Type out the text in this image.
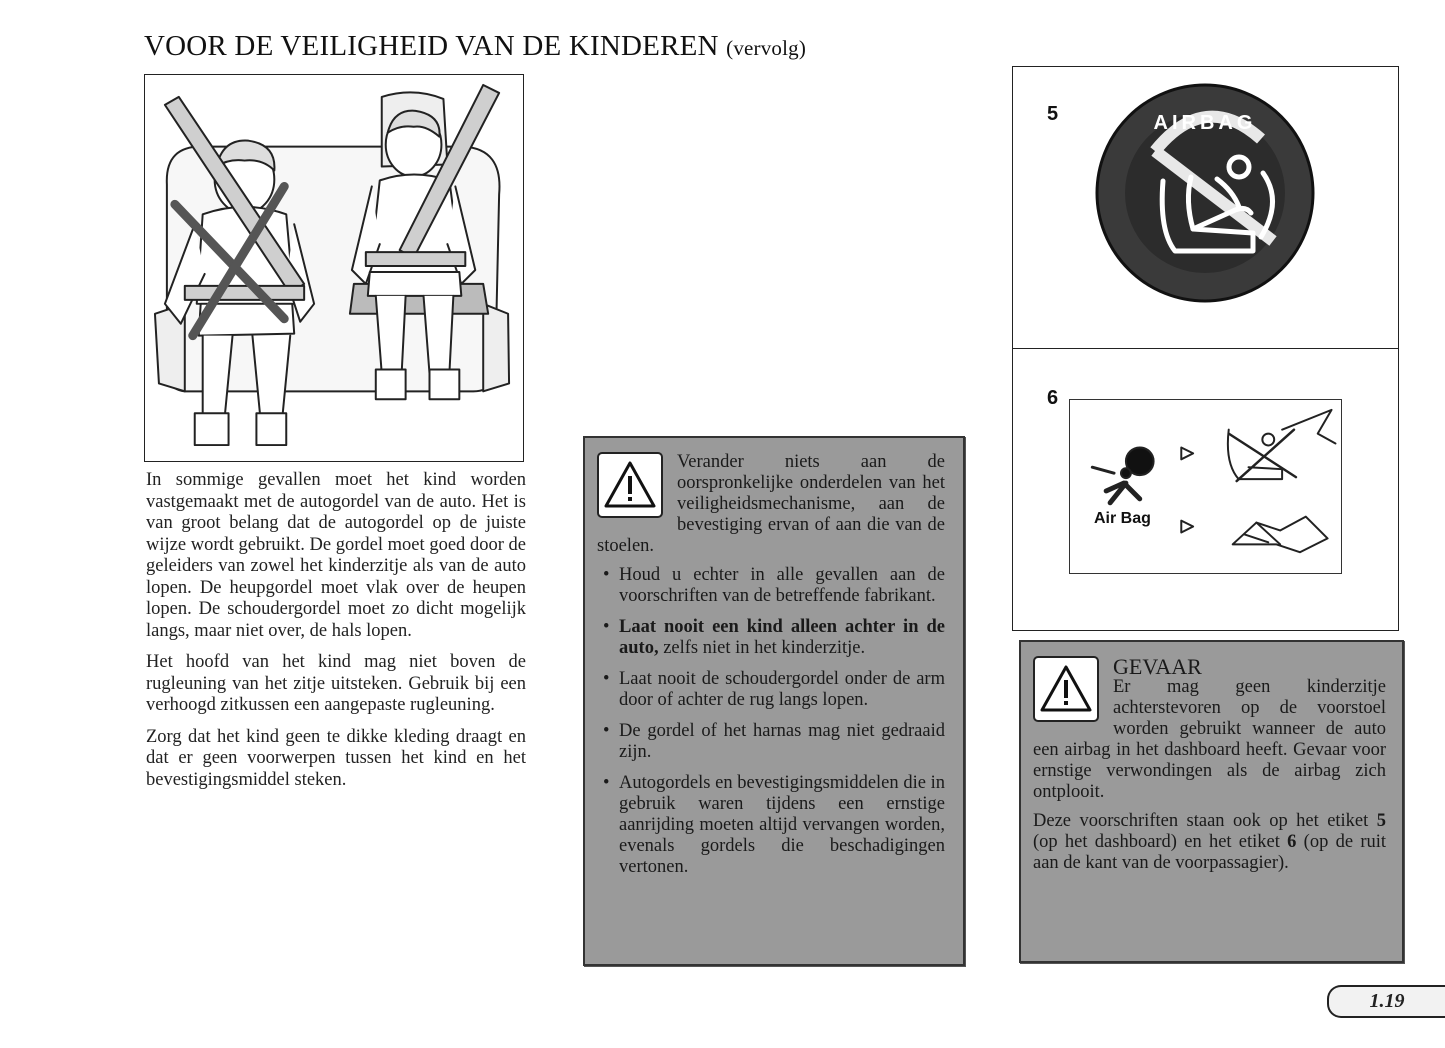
VOOR DE VEILIGHEID VAN DE KINDEREN (vervolg)

In sommige gevallen moet het kind worden vastgemaakt met de autogordel van de auto. Het is van groot belang dat de autogordel op de juiste wijze wordt gebruikt. De gordel moet goed door de geleiders van zowel het kinderzitje als van de auto lopen. De heupgordel moet vlak over de heupen lopen. De schoudergordel moet zo dicht mogelijk langs, maar niet over, de hals lopen.

Het hoofd van het kind mag niet boven de rugleuning van het zitje uitsteken. Gebruik bij een verhoogd zitkussen een aangepaste rugleuning.

Zorg dat het kind geen te dikke kleding draagt en dat er geen voorwerpen tussen het kind en het bevestigingsmiddel steken.

Verander niets aan de oorspronkelijke onderdelen van het veiligheidsmechanisme, aan de bevestiging ervan of aan die van de stoelen.

• Houd u echter in alle gevallen aan de voorschriften van de betreffende fabrikant.
• Laat nooit een kind alleen achter in de auto, zelfs niet in het kinderzitje.
• Laat nooit de schoudergordel onder de arm door of achter de rug langs lopen.
• De gordel of het harnas mag niet gedraaid zijn.
• Autogordels en bevestigingsmiddelen die in gebruik waren tijdens een ernstige aanrijding moeten altijd vervangen worden, evenals gordels die beschadigingen vertonen.
5	AIRBAG
6
Air Bag
GEVAAR

Er mag geen kinderzitje achterstevoren op de voorstoel worden gebruikt wanneer de auto een airbag in het dashboard heeft. Gevaar voor ernstige verwondingen als de airbag zich ontplooit.

Deze voorschriften staan ook op het etiket 5 (op het dashboard) en het etiket 6 (op de ruit aan de kant van de voorpassagier).

1.19
